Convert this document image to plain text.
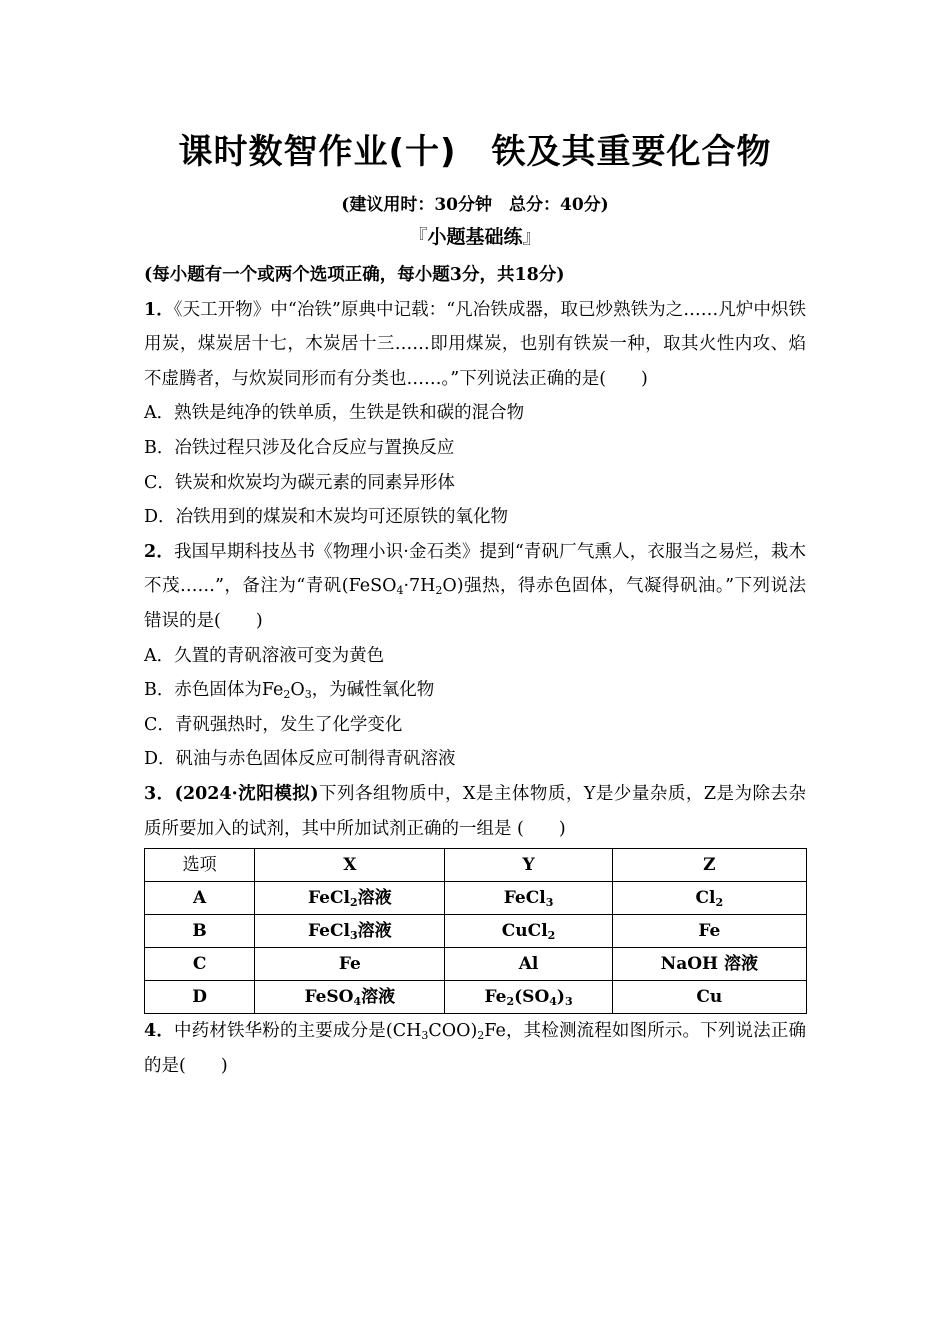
课时数智作业(十)　铁及其重要化合物
(建议用时：30分钟　总分：40分)
『小题基础练』

(每小题有一个或两个选项正确，每小题3分，共18分)

1．《天工开物》中“冶铁”原典中记载：“凡冶铁成器，取已炒熟铁为之……凡炉中炽铁用炭，煤炭居十七，木炭居十三……即用煤炭，也别有铁炭一种，取其火性内攻、焰不虚腾者，与炊炭同形而有分类也……。”下列说法正确的是(　　)

A．熟铁是纯净的铁单质，生铁是铁和碳的混合物

B．冶铁过程只涉及化合反应与置换反应

C．铁炭和炊炭均为碳元素的同素异形体

D．冶铁用到的煤炭和木炭均可还原铁的氧化物

2．我国早期科技丛书《物理小识·金石类》提到“青矾厂气熏人，衣服当之易烂，栽木不茂……”，备注为“青矾$(FeSO_4\cdot 7H_2O)$强热，得赤色固体，气凝得矾油。”下列说法错误的是(　　)

A．久置的青矾溶液可变为黄色

B．赤色固体为$Fe_2O_3$，为碱性氧化物

C．青矾强热时，发生了化学变化

D．矾油与赤色固体反应可制得青矾溶液

3．(2024·沈阳模拟)下列各组物质中，X是主体物质，Y是少量杂质，Z是为除去杂质所要加入的试剂，其中所加试剂正确的一组是 (　　)

选项	X	Y	Z
A	FeCl$_2$溶液	FeCl$_3$	$Cl_2$
B	FeCl$_3$溶液	CuCl$_2$	Fe
C	Fe	Al	NaOH 溶液
D	FeSO$_4$溶液	$Fe_2(SO_4)_3$	Cu

4．中药材铁华粉的主要成分是$(CH_3COO)_2Fe$，其检测流程如图所示。下列说法正确的是(　　)
